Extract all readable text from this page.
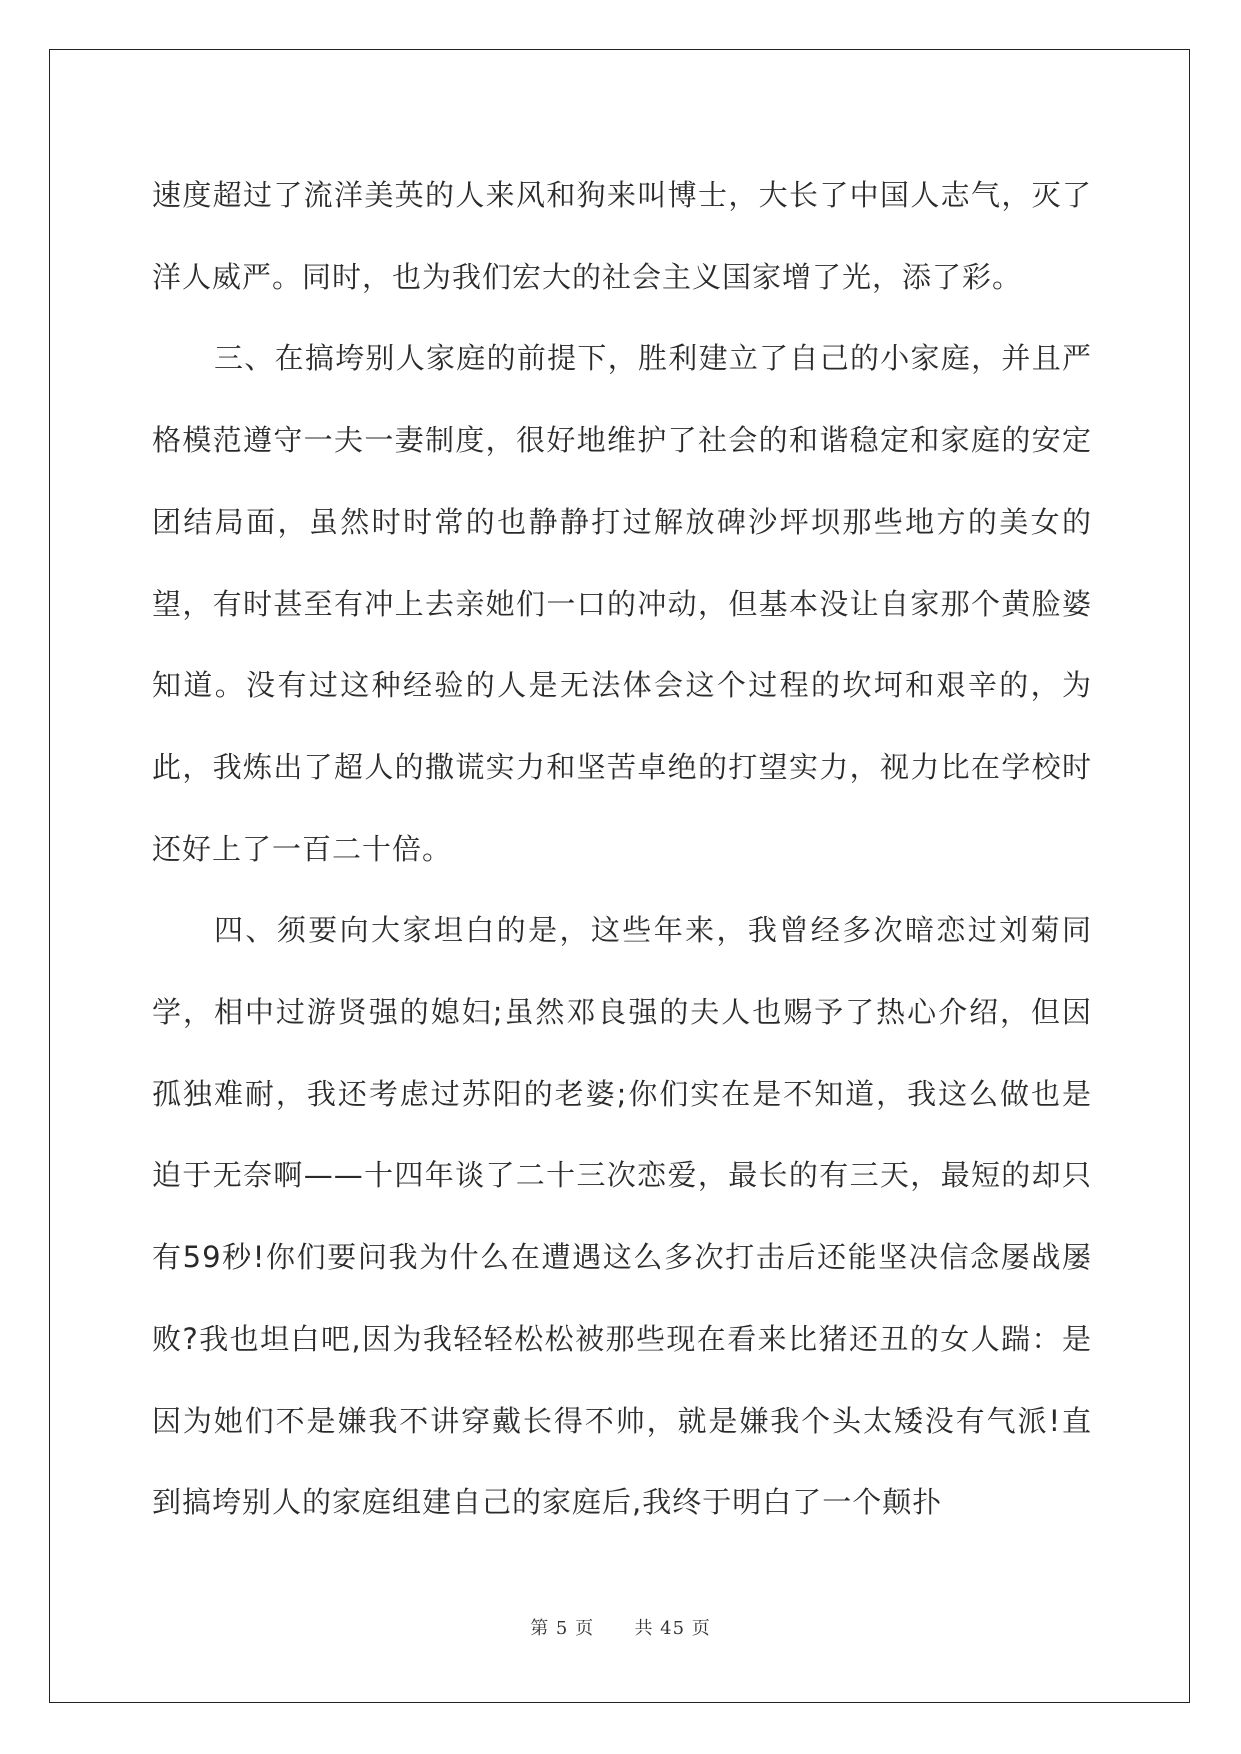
速度超过了流洋美英的人来风和狗来叫博士，大长了中国人志气，灭了洋人威严。同时，也为我们宏大的社会主义国家增了光，添了彩。

三、在搞垮别人家庭的前提下，胜利建立了自己的小家庭，并且严格模范遵守一夫一妻制度，很好地维护了社会的和谐稳定和家庭的安定团结局面，虽然时时常的也静静打过解放碑沙坪坝那些地方的美女的望，有时甚至有冲上去亲她们一口的冲动，但基本没让自家那个黄脸婆知道。没有过这种经验的人是无法体会这个过程的坎坷和艰辛的，为此，我炼出了超人的撒谎实力和坚苦卓绝的打望实力，视力比在学校时还好上了一百二十倍。

四、须要向大家坦白的是，这些年来，我曾经多次暗恋过刘菊同学，相中过游贤强的媳妇;虽然邓良强的夫人也赐予了热心介绍，但因孤独难耐，我还考虑过苏阳的老婆;你们实在是不知道，我这么做也是迫于无奈啊——十四年谈了二十三次恋爱，最长的有三天，最短的却只有59秒!你们要问我为什么在遭遇这么多次打击后还能坚决信念屡战屡败?我也坦白吧,因为我轻轻松松被那些现在看来比猪还丑的女人踹：是因为她们不是嫌我不讲穿戴长得不帅，就是嫌我个头太矮没有气派!直到搞垮别人的家庭组建自己的家庭后,我终于明白了一个颠扑

第 5 页 共 45 页
